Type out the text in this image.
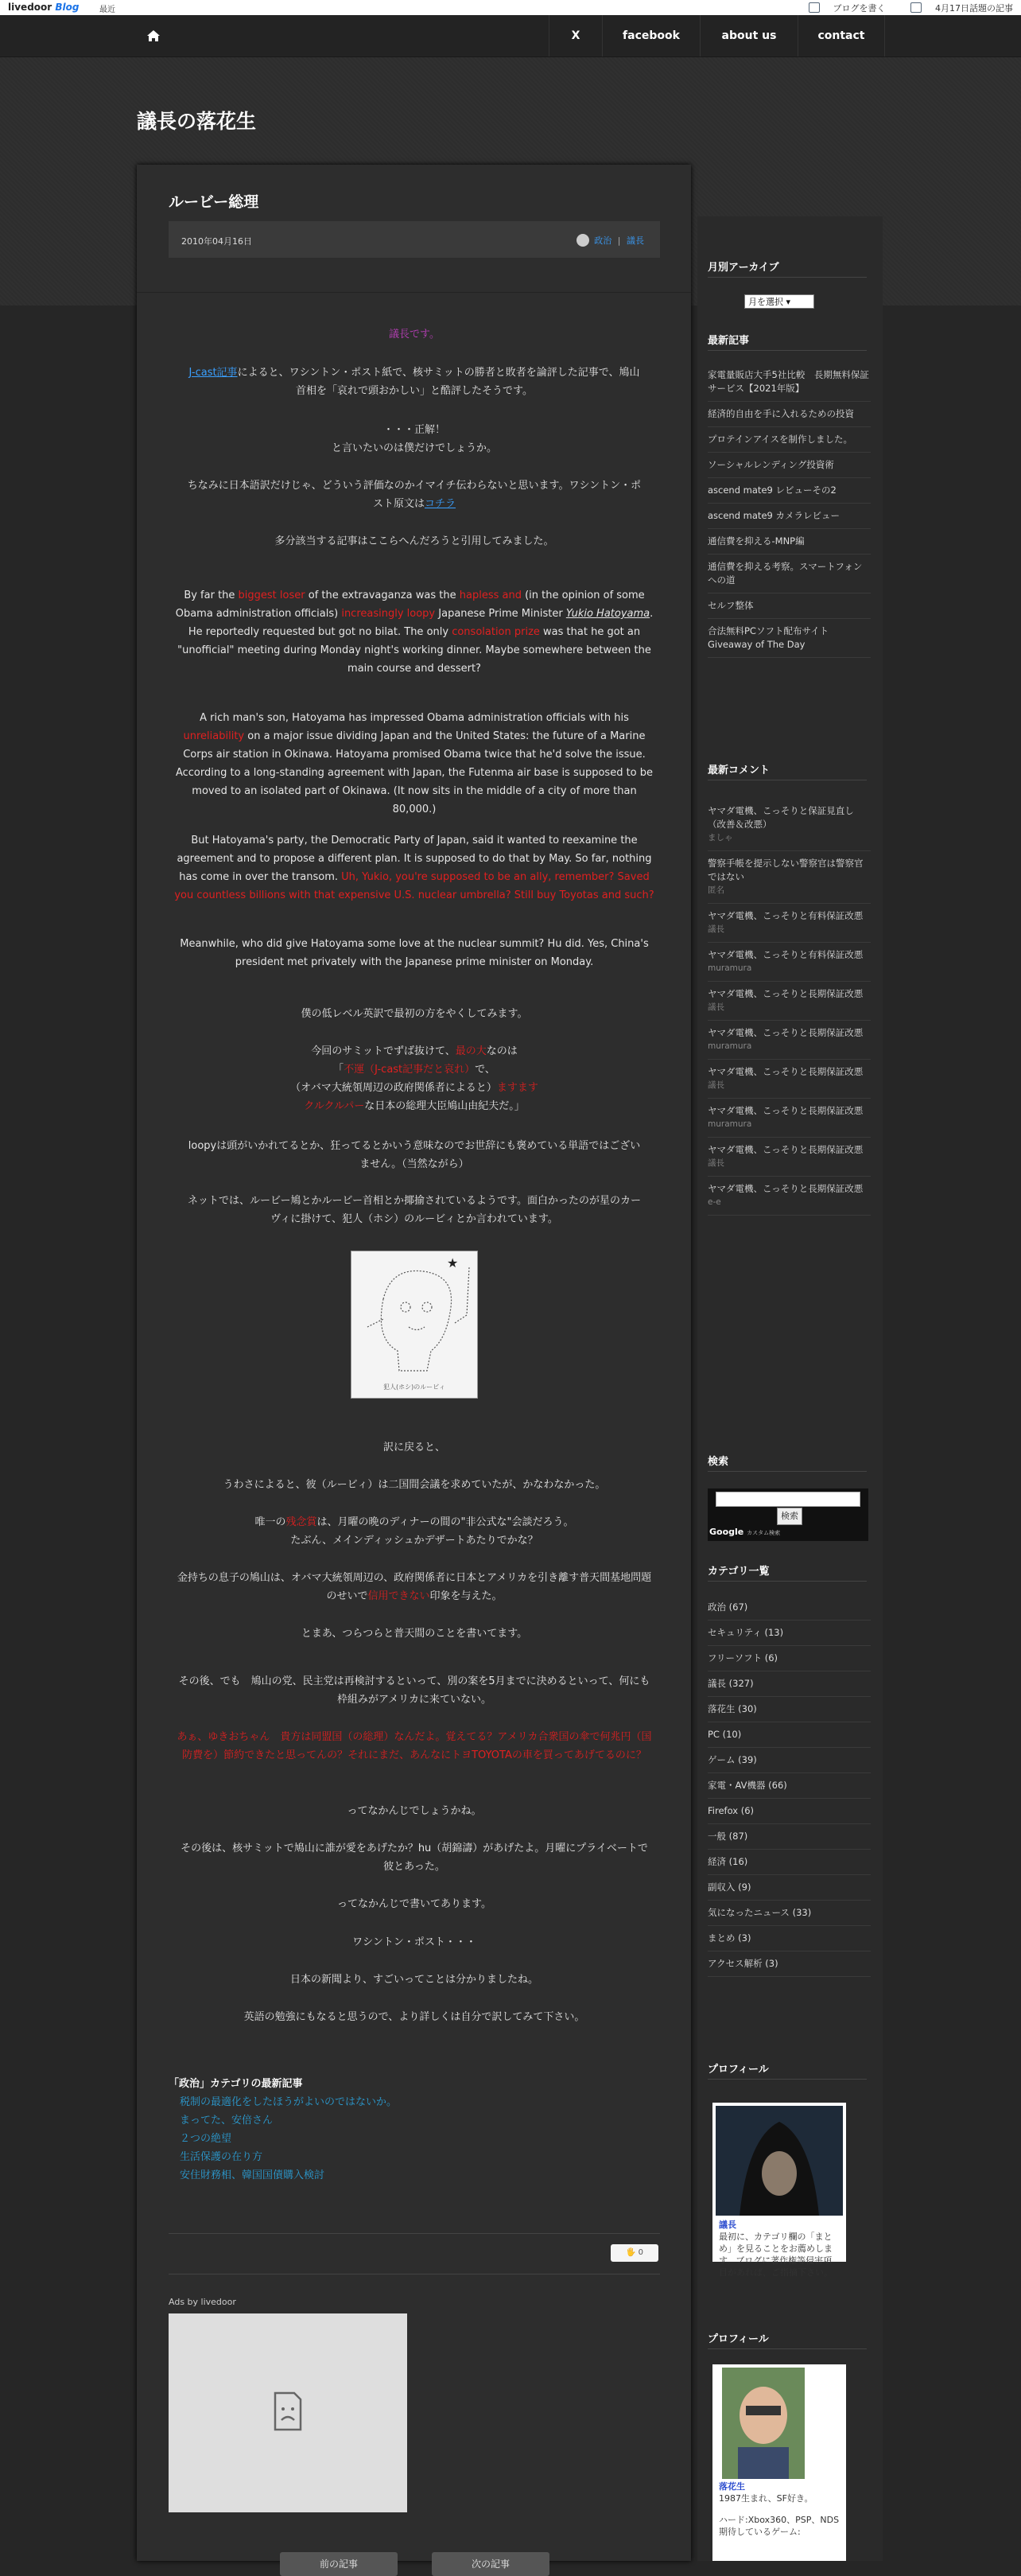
livedoor Blog	最近	ブログを書く	4月17日話題の記事
X	facebook	about us	contact
議長の落花生
ルービー総理
2010年04月16日	政治 | 議長
議長です。
J-cast記事によると、ワシントン・ポスト紙で、核サミットの勝者と敗者を論評した記事で、鳩山首相を「哀れで頭おかしい」と酷評したそうです。
・・・正解！
と言いたいのは僕だけでしょうか。
ちなみに日本語訳だけじゃ、どういう評価なのかイマイチ伝わらないと思います。ワシントン・ポスト原文はコチラ
多分該当する記事はここらへんだろうと引用してみました。
By far the biggest loser of the extravaganza was the hapless and (in the opinion of some Obama administration officials) increasingly loopy Japanese Prime Minister Yukio Hatoyama. He reportedly requested but got no bilat. The only consolation prize was that he got an "unofficial" meeting during Monday night's working dinner. Maybe somewhere between the main course and dessert?
A rich man's son, Hatoyama has impressed Obama administration officials with his unreliability on a major issue dividing Japan and the United States: the future of a Marine Corps air station in Okinawa. Hatoyama promised Obama twice that he'd solve the issue. According to a long-standing agreement with Japan, the Futenma air base is supposed to be moved to an isolated part of Okinawa. (It now sits in the middle of a city of more than 80,000.)
But Hatoyama's party, the Democratic Party of Japan, said it wanted to reexamine the agreement and to propose a different plan. It is supposed to do that by May. So far, nothing has come in over the transom. Uh, Yukio, you're supposed to be an ally, remember? Saved you countless billions with that expensive U.S. nuclear umbrella? Still buy Toyotas and such?
Meanwhile, who did give Hatoyama some love at the nuclear summit? Hu did. Yes, China's president met privately with the Japanese prime minister on Monday.
僕の低レベル英訳で最初の方をやくしてみます。
今回のサミットでずば抜けて、最の大なのは
「不運（J-cast記事だと哀れ）で、
（オバマ大統領周辺の政府関係者によると）ますます
クルクルパーな日本の総理大臣鳩山由紀夫だ。」
loopyは頭がいかれてるとか、狂ってるとかいう意味なのでお世辞にも褒めている単語ではございません。（当然ながら）
ネットでは、ルービー鳩とかルービー首相とか揶揄されているようです。面白かったのが星のカーヴィに掛けて、犯人（ホシ）のルービィとか言われています。
★
犯人(ホシ)のルービィ
訳に戻ると、
うわさによると、彼（ルービィ）は二国間会議を求めていたが、かなわなかった。
唯一の残念賞は、月曜の晩のディナーの間の"非公式な"会談だろう。
たぶん、メインディッシュかデザートあたりでかな？
金持ちの息子の鳩山は、オバマ大統領周辺の、政府関係者に日本とアメリカを引き離す普天間基地問題のせいで信用できない印象を与えた。
とまあ、つらつらと普天間のことを書いてます。
その後、でも　鳩山の党、民主党は再検討するといって、別の案を5月までに決めるといって、何にも枠組みがアメリカに来ていない。
あぁ、ゆきおちゃん　貴方は同盟国（の総理）なんだよ。覚えてる？アメリカ合衆国の傘で何兆円（国防費を）節約できたと思ってんの？それにまだ、あんなにトヨTOYOTAの車を買ってあげてるのに？
ってなかんじでしょうかね。
その後は、核サミットで鳩山に誰が愛をあげたか？hu（胡錦濤）があげたよ。月曜にプライベートで彼とあった。
ってなかんじで書いてあります。
ワシントン・ポスト・・・
日本の新聞より、すごいってことは分かりましたね。
英語の勉強にもなると思うので、より詳しくは自分で訳してみて下さい。
「政治」カテゴリの最新記事
税制の最適化をしたほうがよいのではないか。
まってた、安倍さん
２つの絶望
生活保護の在り方
安住財務相、韓国国債購入検討
🖐 0
Ads by livedoor
前の記事	次の記事
月別アーカイブ
月を選択 ▾
最新記事
家電量販店大手5社比較　長期無料保証サービス【2021年版】
経済的自由を手に入れるための投資
プロテインアイスを制作しました。
ソーシャルレンディング投資術
ascend mate9 レビューその2
ascend mate9 カメラレビュー
通信費を抑える-MNP編
通信費を抑える考察。スマートフォンへの道
セルフ整体
合法無料PCソフト配布サイトGiveaway of The Day
最新コメント
ヤマダ電機、こっそりと保証見直し（改善＆改悪）
ましゃ
警察手帳を提示しない警察官は警察官ではない
匿名
ヤマダ電機、こっそりと有料保証改悪
議長
ヤマダ電機、こっそりと有料保証改悪
muramura
ヤマダ電機、こっそりと長期保証改悪
議長
ヤマダ電機、こっそりと長期保証改悪
muramura
ヤマダ電機、こっそりと長期保証改悪
議長
ヤマダ電機、こっそりと長期保証改悪
muramura
ヤマダ電機、こっそりと長期保証改悪
議長
ヤマダ電機、こっそりと長期保証改悪
e-e
検索
検索
Google カスタム検索
カテゴリ一覧
政治 (67)
セキュリティ (13)
フリーソフト (6)
議長 (327)
落花生 (30)
PC (10)
ゲーム (39)
家電・AV機器 (66)
Firefox (6)
一般 (87)
経済 (16)
副収入 (9)
気になったニュース (33)
まとめ (3)
アクセス解析 (3)
プロフィール
議長
最初に、カテゴリ欄の「まとめ」を見ることをお薦めします。ブログに著作権等侵害項目があれば、ご指摘下さい。
プロフィール
落花生
1987生まれ、SF好き。
ハード:Xbox360、PSP、NDS
期待しているゲーム:
